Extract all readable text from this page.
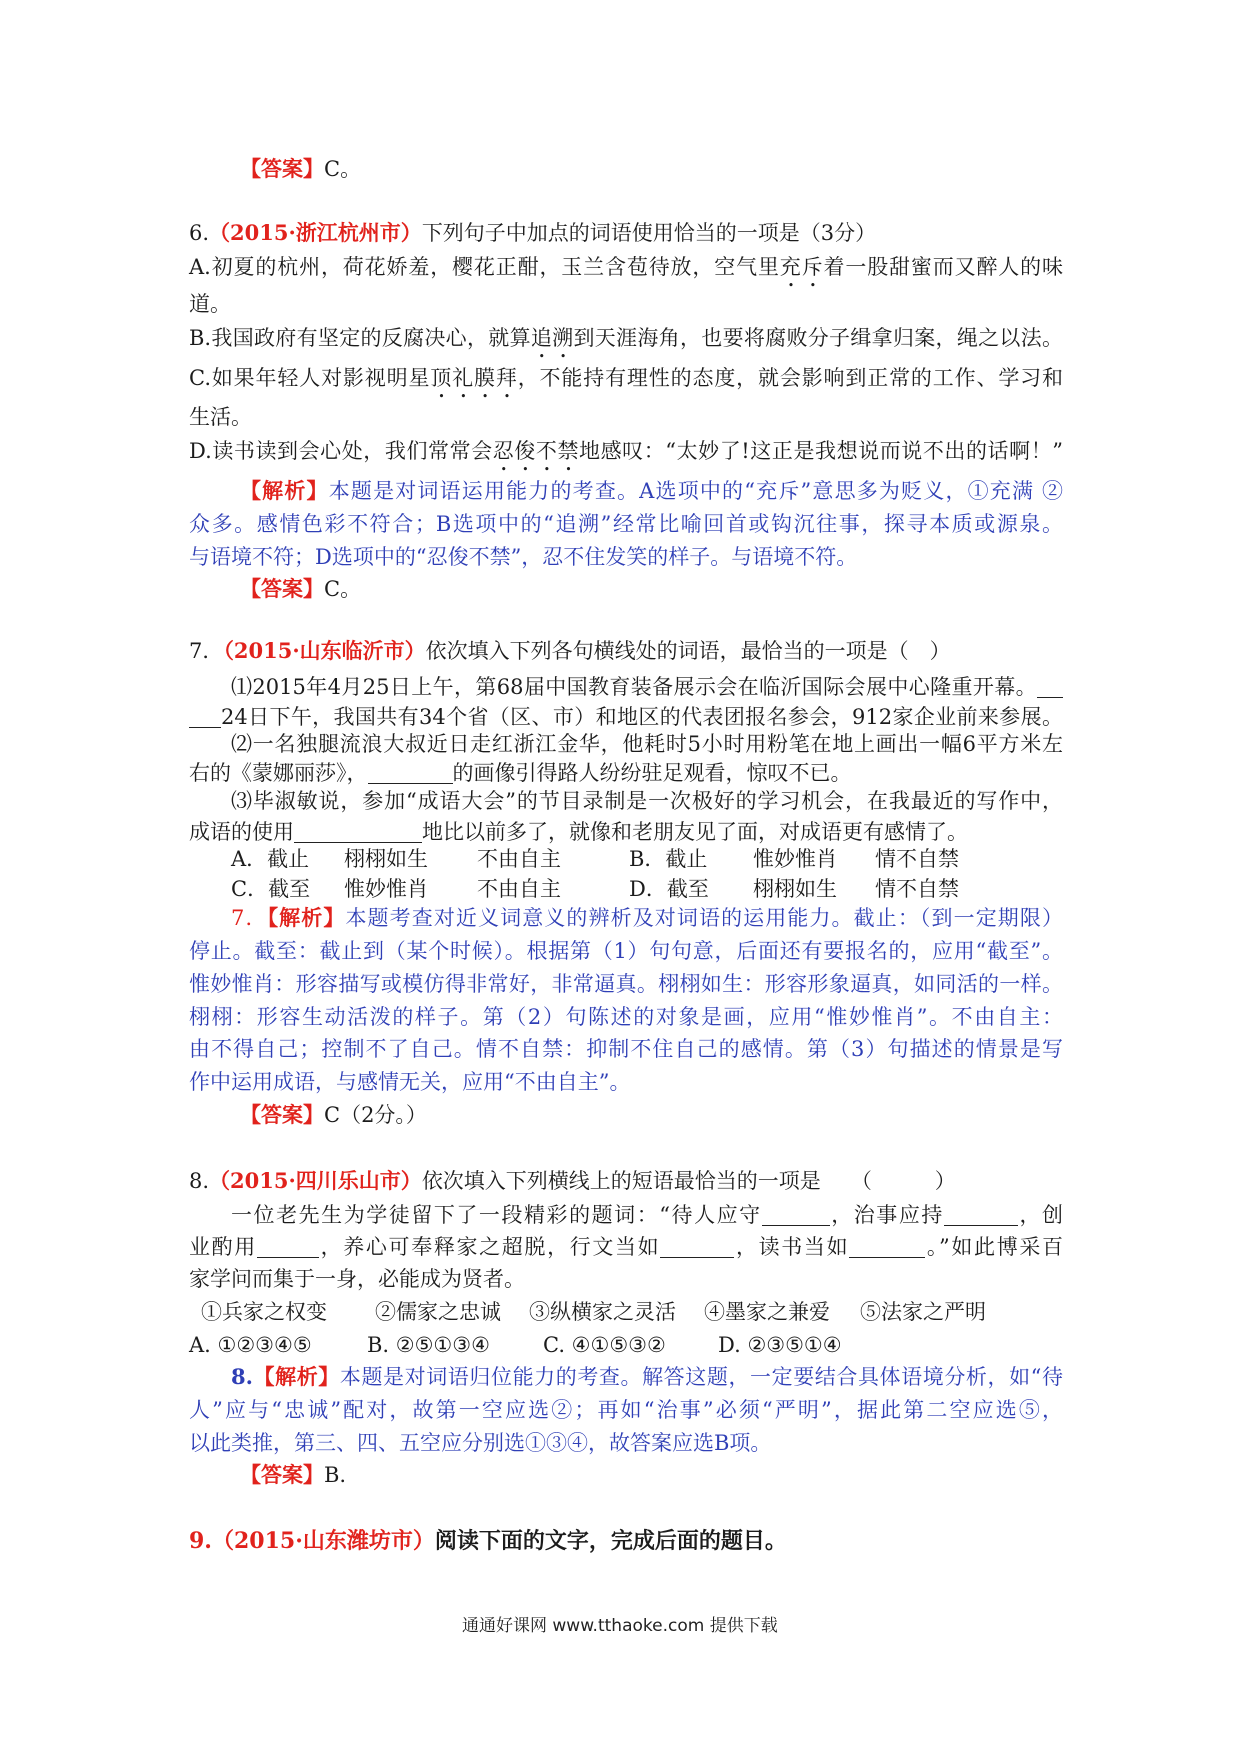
【答案】C。
6.（2015·浙江杭州市）下列句子中加点的词语使用恰当的一项是（3分）
A.初夏的杭州，荷花娇羞，樱花正酣，玉兰含苞待放，空气里充斥着一股甜蜜而又醉人的味
道。
B.我国政府有坚定的反腐决心，就算追溯到天涯海角，也要将腐败分子缉拿归案，绳之以法。
C.如果年轻人对影视明星顶礼膜拜，不能持有理性的态度，就会影响到正常的工作、学习和
生活。
D.读书读到会心处，我们常常会忍俊不禁地感叹：“太妙了!这正是我想说而说不出的话啊！”
【解析】本题是对词语运用能力的考查。A选项中的“充斥”意思多为贬义，①充满 ②
众多。感情色彩不符合；B选项中的“追溯”经常比喻回首或钩沉往事，探寻本质或源泉。
与语境不符；D选项中的“忍俊不禁”，忍不住发笑的样子。与语境不符。
【答案】C。
7．（2015·山东临沂市）依次填入下列各句横线处的词语，最恰当的一项是（　）
⑴2015年4月25日上午，第68届中国教育装备展示会在临沂国际会展中心隆重开幕。
24日下午，我国共有34个省（区、市）和地区的代表团报名参会，912家企业前来参展。
⑵一名独腿流浪大叔近日走红浙江金华，他耗时5小时用粉笔在地上画出一幅6平方米左
右的《蒙娜丽莎》，	的画像引得路人纷纷驻足观看，惊叹不已。
⑶毕淑敏说，参加“成语大会”的节目录制是一次极好的学习机会，在我最近的写作中，
成语的使用	地比以前多了，就像和老朋友见了面，对成语更有感情了。
A．截止 栩栩如生 不由自主	B．截止 惟妙惟肖 情不自禁
C．截至 惟妙惟肖 不由自主	D．截至 栩栩如生 情不自禁
7．【解析】本题考查对近义词意义的辨析及对词语的运用能力。截止：（到一定期限）
停止。截至：截止到（某个时候）。根据第（1）句句意，后面还有要报名的，应用“截至”。
惟妙惟肖：形容描写或模仿得非常好，非常逼真。栩栩如生：形容形象逼真，如同活的一样。
栩栩：形容生动活泼的样子。第（2）句陈述的对象是画，应用“惟妙惟肖”。不由自主：
由不得自己；控制不了自己。情不自禁：抑制不住自己的感情。第（3）句描述的情景是写
作中运用成语，与感情无关，应用“不由自主”。
【答案】C（2分。）
8.（2015·四川乐山市）依次填入下列横线上的短语最恰当的一项是 （　　　）
一位老先生为学徒留下了一段精彩的题词：“待人应守	，治事应持	，创
业酌用	，养心可奉释家之超脱，行文当如	，读书当如	。”如此博采百
家学问而集于一身，必能成为贤者。
①兵家之权变 ②儒家之忠诚 ③纵横家之灵活 ④墨家之兼爱 ⑤法家之严明
A. ①②③④⑤	B. ②⑤①③④	C. ④①⑤③② D. ②③⑤①④
8.【解析】本题是对词语归位能力的考查。解答这题，一定要结合具体语境分析，如“待
人”应与“忠诚”配对，故第一空应选②；再如“治事”必须“严明”，据此第二空应选⑤，
以此类推，第三、四、五空应分别选①③④，故答案应选B项。
【答案】B.
9.（2015·山东潍坊市）阅读下面的文字，完成后面的题目。
通通好课网 www.tthaoke.com 提供下载
